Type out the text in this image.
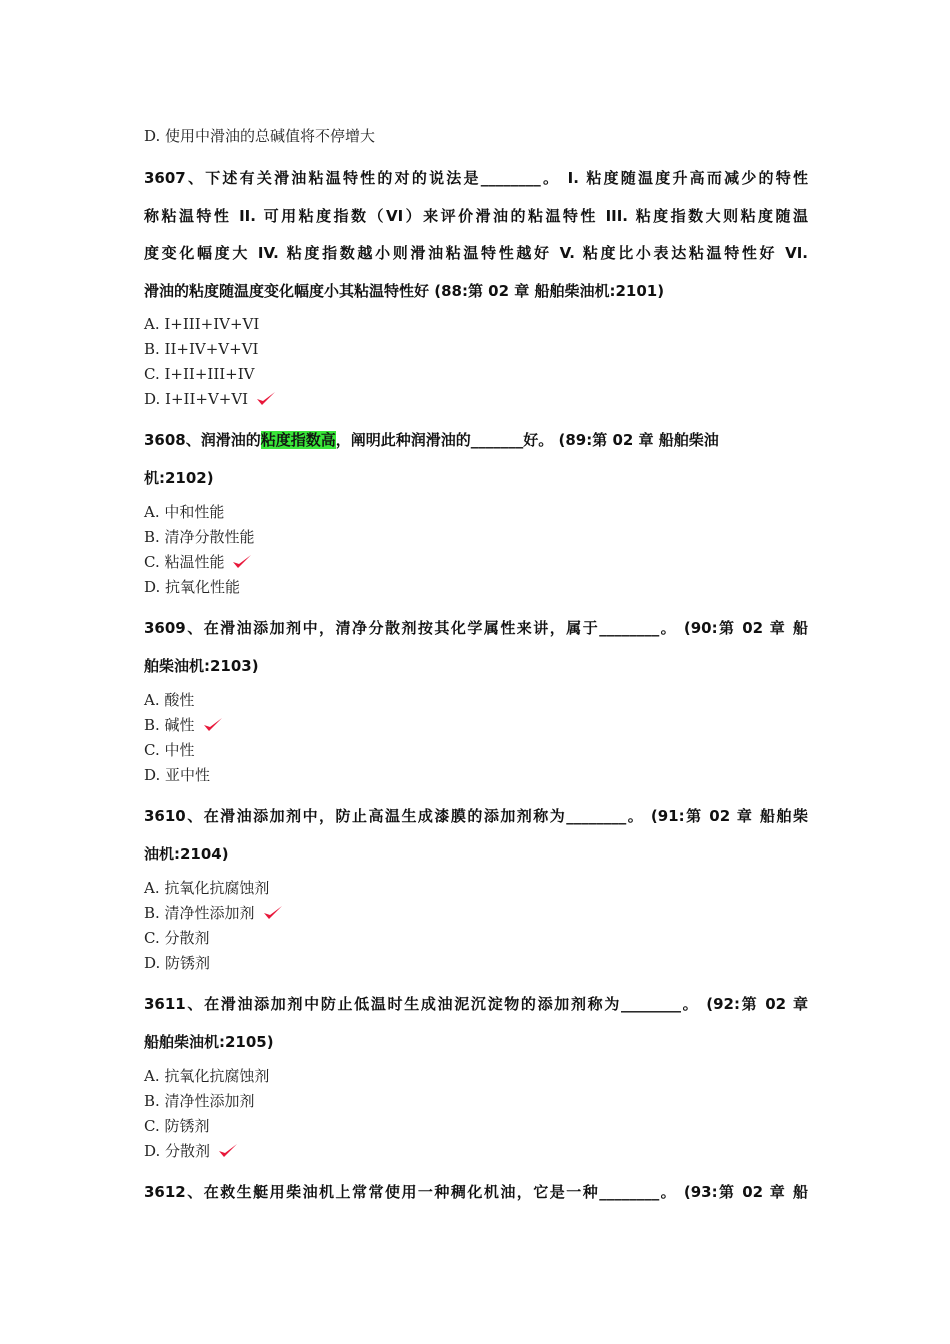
D. 使用中滑油的总碱值将不停增大
3607、下述有关滑油粘温特性的对的说法是________。 I. 粘度随温度升高而减少的特性
称粘温特性 II. 可用粘度指数（VI）来评价滑油的粘温特性 III. 粘度指数大则粘度随温
度变化幅度大 IV. 粘度指数越小则滑油粘温特性越好 V. 粘度比小表达粘温特性好 VI.
滑油的粘度随温度变化幅度小其粘温特性好 (88:第 02 章 船舶柴油机:2101)
A. I+III+IV+VI
B. II+IV+V+VI
C. I+II+III+IV
D. I+II+V+VI
3608、润滑油的粘度指数高，阐明此种润滑油的_______好。 (89:第 02 章 船舶柴油
机:2102)
A. 中和性能
B. 清净分散性能
C. 粘温性能
D. 抗氧化性能
3609、在滑油添加剂中，清净分散剂按其化学属性来讲，属于________。 (90:第 02 章 船
舶柴油机:2103)
A. 酸性
B. 碱性
C. 中性
D. 亚中性
3610、在滑油添加剂中，防止高温生成漆膜的添加剂称为________。 (91:第 02 章 船舶柴
油机:2104)
A. 抗氧化抗腐蚀剂
B. 清净性添加剂
C. 分散剂
D. 防锈剂
3611、在滑油添加剂中防止低温时生成油泥沉淀物的添加剂称为________。 (92:第 02 章
船舶柴油机:2105)
A. 抗氧化抗腐蚀剂
B. 清净性添加剂
C. 防锈剂
D. 分散剂
3612、在救生艇用柴油机上常常使用一种稠化机油，它是一种________。 (93:第 02 章 船
